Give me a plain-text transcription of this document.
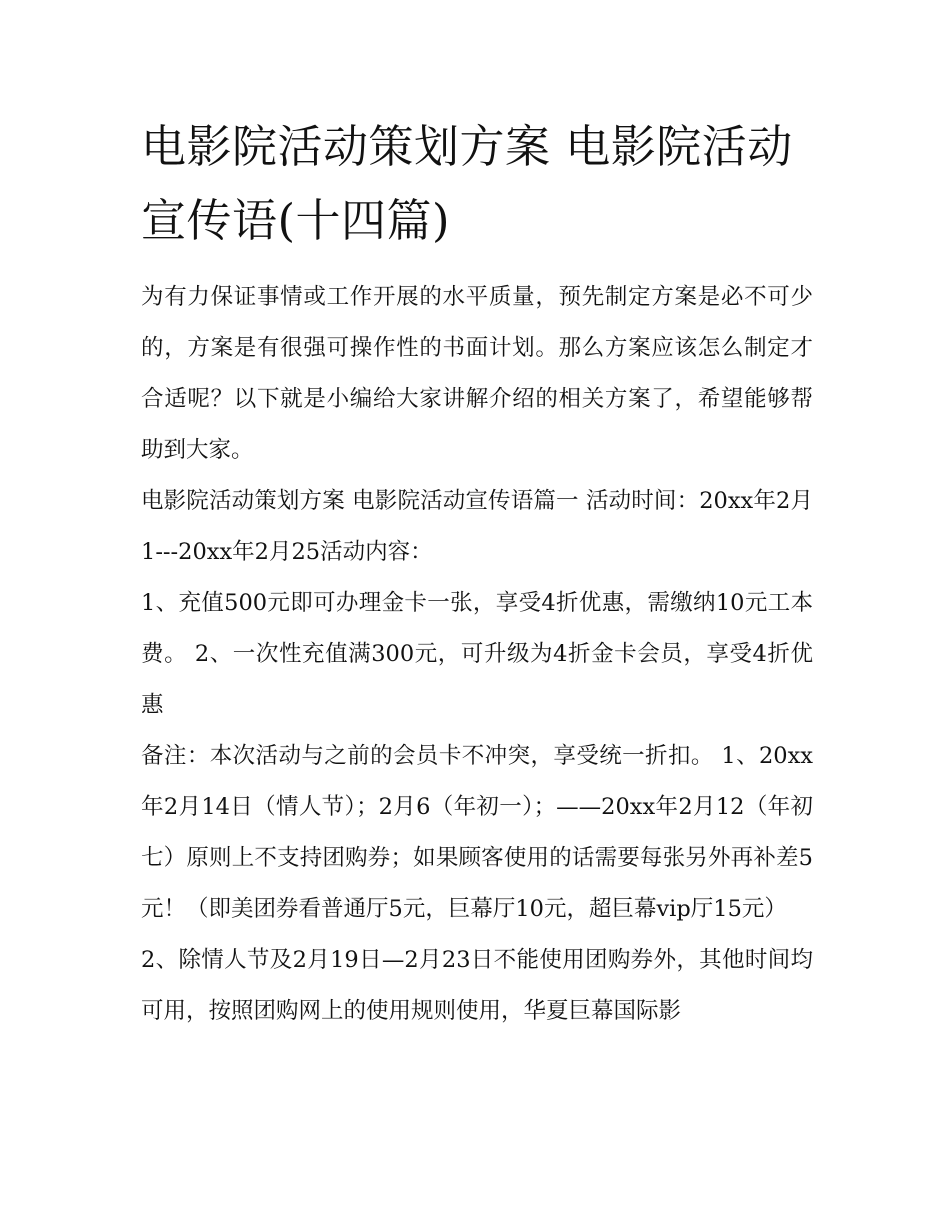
电影院活动策划方案 电影院活动宣传语(十四篇)

为有力保证事情或工作开展的水平质量，预先制定方案是必不可少的，方案是有很强可操作性的书面计划。那么方案应该怎么制定才合适呢？以下就是小编给大家讲解介绍的相关方案了，希望能够帮助到大家。

电影院活动策划方案 电影院活动宣传语篇一 活动时间：20xx年2月1---20xx年2月25活动内容：

1、充值500元即可办理金卡一张，享受4折优惠，需缴纳10元工本费。 2、一次性充值满300元，可升级为4折金卡会员，享受4折优惠

备注：本次活动与之前的会员卡不冲突，享受统一折扣。 1、20xx年2月14日（情人节）；2月6（年初一）；——20xx年2月12（年初七）原则上不支持团购券；如果顾客使用的话需要每张另外再补差5元！（即美团券看普通厅5元，巨幕厅10元，超巨幕vip厅15元）

2、除情人节及2月19日—2月23日不能使用团购券外，其他时间均可用，按照团购网上的使用规则使用，华夏巨幕国际影
